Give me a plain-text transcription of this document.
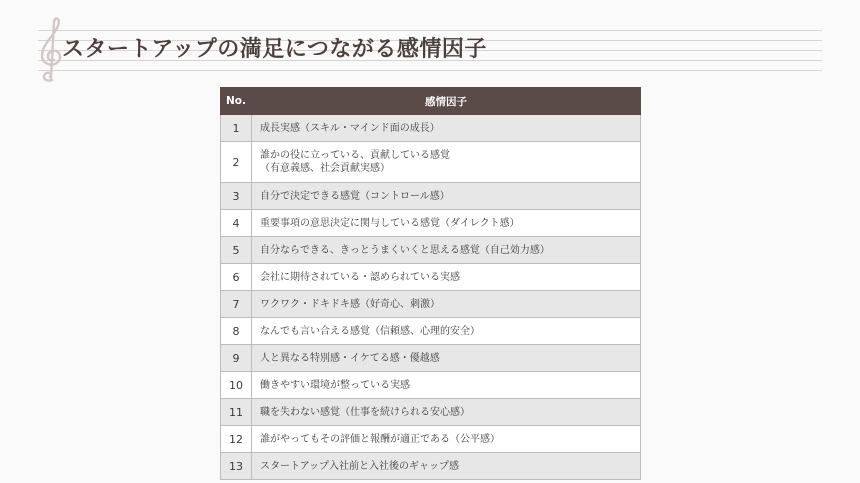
スタートアップの満足につながる感情因子
No.	感情因子
1	成長実感（スキル・マインド面の成長）
2	誰かの役に立っている、貢献している感覚
（有意義感、社会貢献実感）

3	自分で決定できる感覚（コントロール感）
4	重要事項の意思決定に関与している感覚（ダイレクト感）
5	自分ならできる、きっとうまくいくと思える感覚（自己効力感）
6	会社に期待されている・認められている実感
7	ワクワク・ドキドキ感（好奇心、刺激）
8	なんでも言い合える感覚（信頼感、心理的安全）
9	人と異なる特別感・イケてる感・優越感
10	働きやすい環境が整っている実感
11	職を失わない感覚（仕事を続けられる安心感）
12	誰がやってもその評価と報酬が適正である（公平感）
13	スタートアップ入社前と入社後のギャップ感
